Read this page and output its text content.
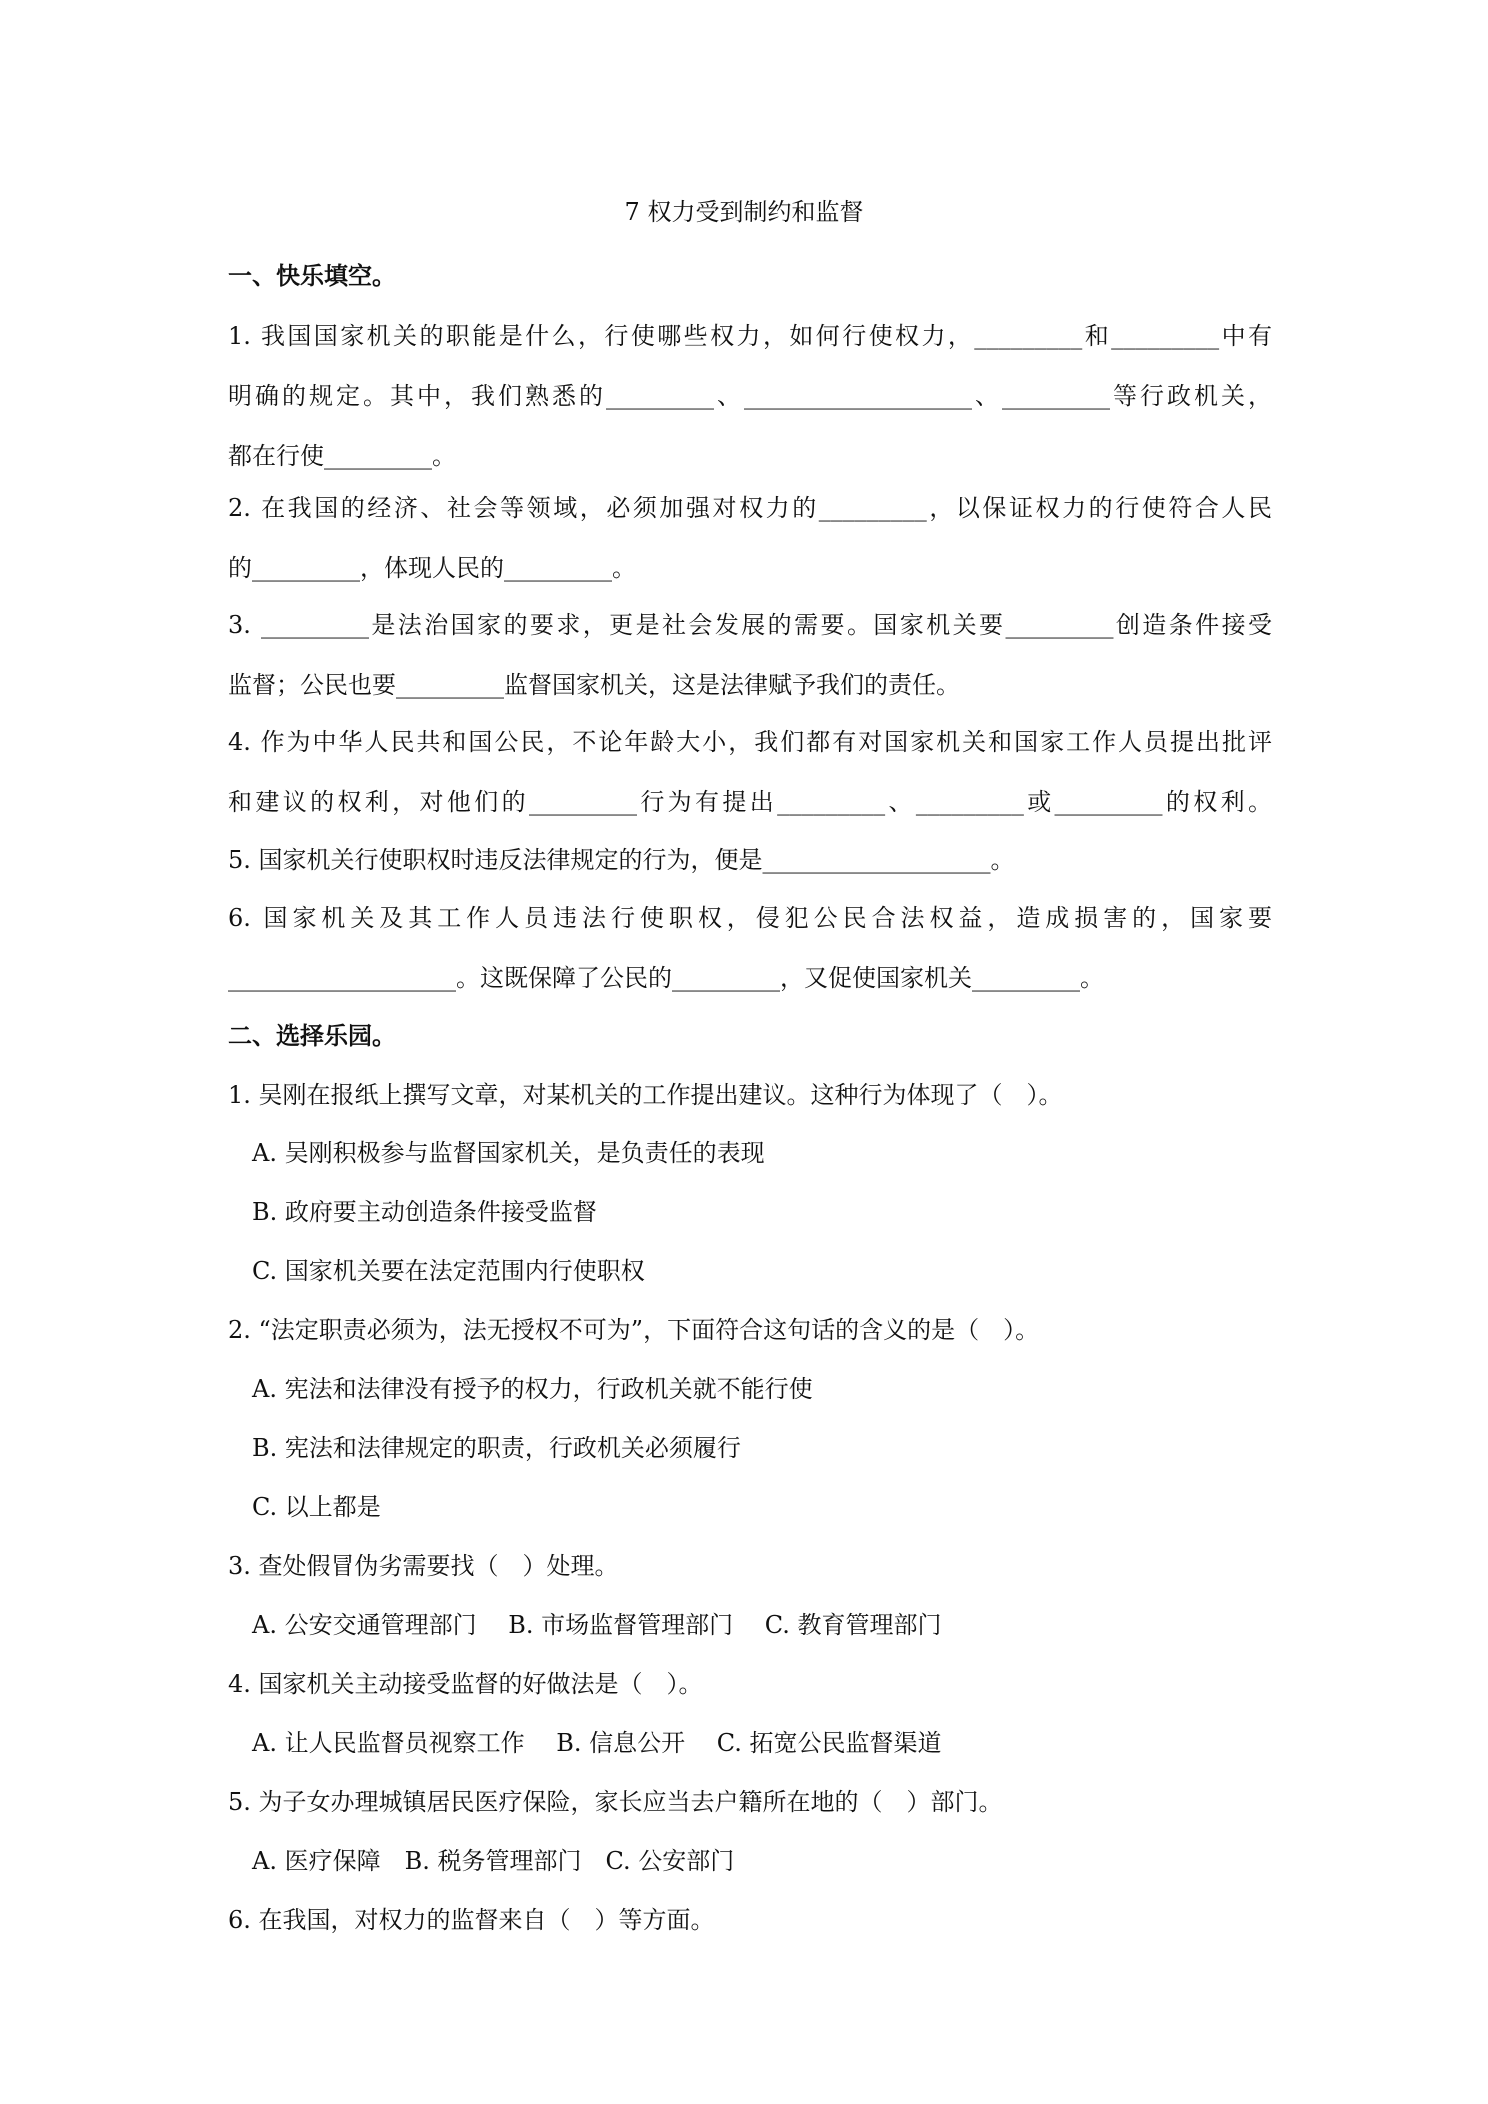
7 权力受到制约和监督
一、快乐填空。
1. 我国国家机关的职能是什么，行使哪些权力，如何行使权力，_________和_________中有
明确的规定。其中，我们熟悉的_________、___________________、_________等行政机关，
都在行使_________。
2. 在我国的经济、社会等领域，必须加强对权力的_________，以保证权力的行使符合人民
的_________，体现人民的_________。
3. _________是法治国家的要求，更是社会发展的需要。国家机关要_________创造条件接受
监督；公民也要_________监督国家机关，这是法律赋予我们的责任。
4. 作为中华人民共和国公民，不论年龄大小，我们都有对国家机关和国家工作人员提出批评
和建议的权利，对他们的_________行为有提出_________、_________或_________的权利。
5. 国家机关行使职权时违反法律规定的行为，便是___________________。
6. 国家机关及其工作人员违法行使职权，侵犯公民合法权益，造成损害的，国家要
___________________。这既保障了公民的_________，又促使国家机关_________。
二、选择乐园。
1. 吴刚在报纸上撰写文章，对某机关的工作提出建议。这种行为体现了（　）。
A. 吴刚积极参与监督国家机关，是负责任的表现
B. 政府要主动创造条件接受监督
C. 国家机关要在法定范围内行使职权
2. “法定职责必须为，法无授权不可为”，下面符合这句话的含义的是（　）。
A. 宪法和法律没有授予的权力，行政机关就不能行使
B. 宪法和法律规定的职责，行政机关必须履行
C. 以上都是
3. 查处假冒伪劣需要找（　）处理。
A. 公安交通管理部门　 B. 市场监督管理部门　 C. 教育管理部门
4. 国家机关主动接受监督的好做法是（　）。
A. 让人民监督员视察工作　 B. 信息公开　 C. 拓宽公民监督渠道
5. 为子女办理城镇居民医疗保险，家长应当去户籍所在地的（　）部门。
A. 医疗保障　B. 税务管理部门　C. 公安部门
6. 在我国，对权力的监督来自（　）等方面。
